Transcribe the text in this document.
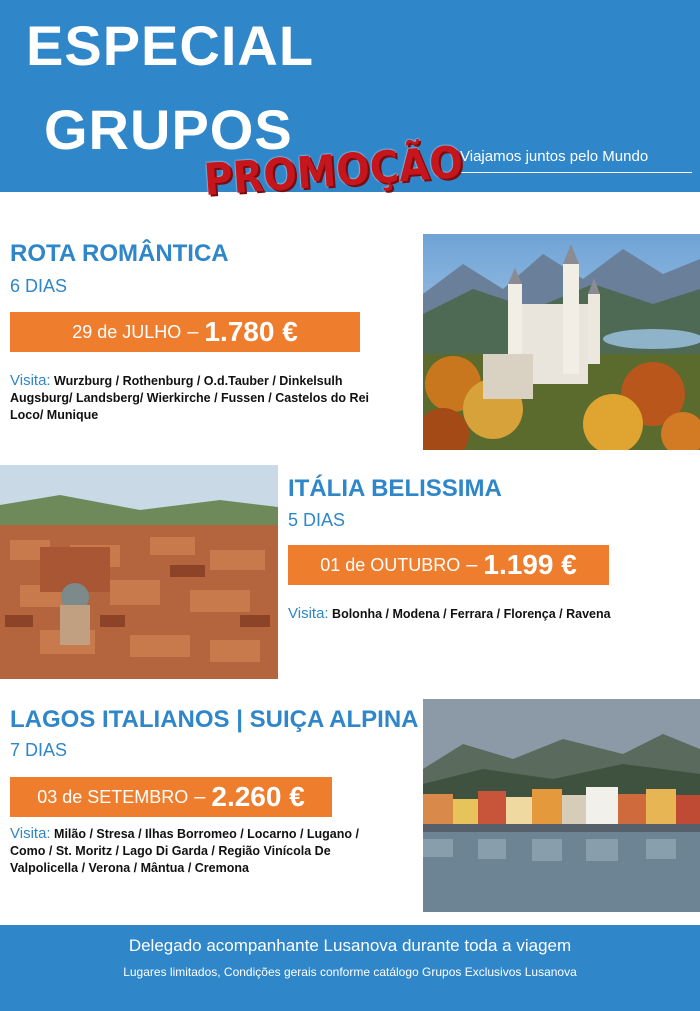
ESPECIAL
GRUPOS	Viajamos juntos pelo Mundo
PROMOÇÃO
ROTA ROMÂNTICA
6 DIAS
29 de JULHO – 1.780 €
Visita: Wurzburg / Rothenburg / O.d.Tauber / Dinkelsulh
Augsburg/ Landsberg/ Wierkirche / Fussen / Castelos do Rei
Loco/ Munique
ITÁLIA BELISSIMA
5 DIAS
01 de OUTUBRO – 1.199 €
Visita: Bolonha / Modena / Ferrara / Florença / Ravena
LAGOS ITALIANOS | SUIÇA ALPINA
7 DIAS
03 de SETEMBRO – 2.260 €
Visita: Milão / Stresa / Ilhas Borromeo / Locarno / Lugano /
Como / St. Moritz / Lago Di Garda / Região Vinícola De
Valpolicella / Verona / Mântua / Cremona
Delegado acompanhante Lusanova durante toda a viagem
Lugares limitados, Condições gerais conforme catálogo Grupos Exclusivos Lusanova
